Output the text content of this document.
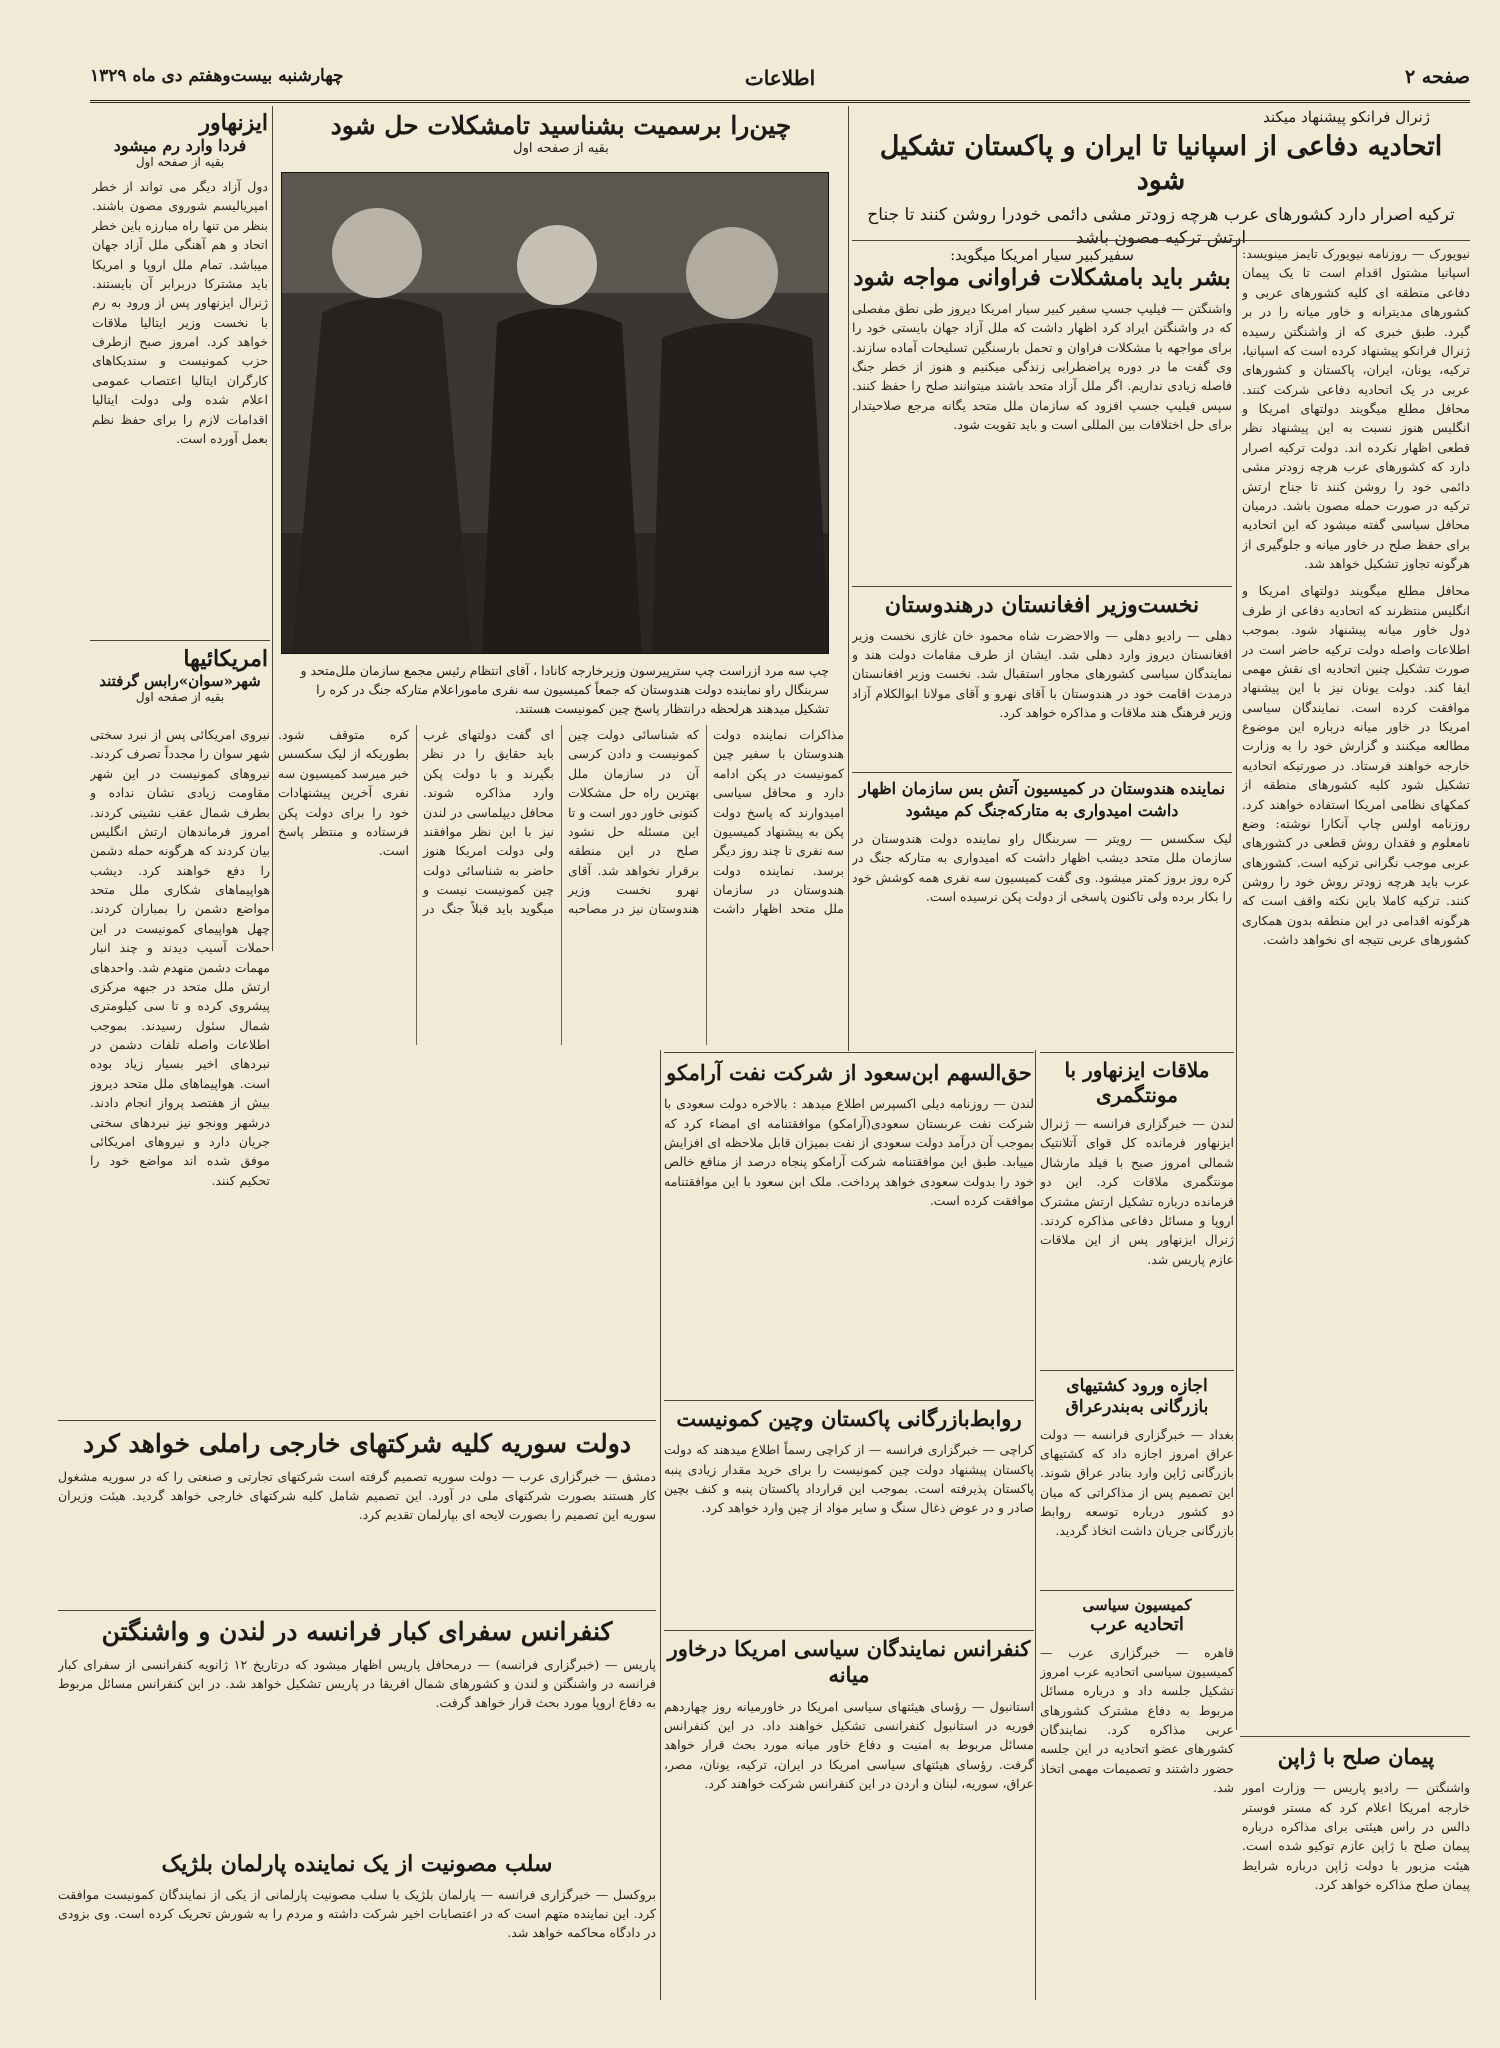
چهارشنبه بیست‌وهفتم دی ماه ۱۳۲۹	اطلاعات	صفحه ۲
ژنرال فرانکو پیشنهاد میکند
اتحادیه دفاعی از اسپانیا تا ایران و پاکستان تشکیل شود
ترکیه اصرار دارد کشورهای عرب هرچه زودتر مشی دائمی خودرا روشن کنند تا جناح ارتش ترکیه مصون باشد
نیویورک — روزنامه نیویورک تایمز مینویسد: اسپانیا مشتول اقدام است تا یک پیمان دفاعی منطقه ای کلیه کشورهای عربی و کشورهای مدیترانه و خاور میانه را در بر گیرد. طبق خبری که از واشنگتن رسیده ژنرال فرانکو پیشنهاد کرده است که اسپانیا، ترکیه، یونان، ایران، پاکستان و کشورهای عربی در یک اتحادیه دفاعی شرکت کنند. محافل مطلع میگویند دولتهای امریکا و انگلیس هنوز نسبت به این پیشنهاد نظر قطعی اظهار نکرده اند. دولت ترکیه اصرار دارد که کشورهای عرب هرچه زودتر مشی دائمی خود را روشن کنند تا جناح ارتش ترکیه در صورت حمله مصون باشد. درمیان محافل سیاسی گفته میشود که این اتحادیه برای حفظ صلح در خاور میانه و جلوگیری از هرگونه تجاوز تشکیل خواهد شد.
محافل مطلع میگویند دولتهای امریکا و انگلیس منتظرند که اتحادیه دفاعی از طرف دول خاور میانه پیشنهاد شود. بموجب اطلاعات واصله دولت ترکیه حاضر است در صورت تشکیل چنین اتحادیه ای نقش مهمی ایفا کند. دولت یونان نیز با این پیشنهاد موافقت کرده است. نمایندگان سیاسی امریکا در خاور میانه درباره این موضوع مطالعه میکنند و گزارش خود را به وزارت خارجه خواهند فرستاد. در صورتیکه اتحادیه تشکیل شود کلیه کشورهای منطقه از کمکهای نظامی امریکا استفاده خواهند کرد. روزنامه اولس چاپ آنکارا نوشته: وضع نامعلوم و فقدان روش قطعی در کشورهای عربی موجب نگرانی ترکیه است. کشورهای عرب باید هرچه زودتر روش خود را روشن کنند. ترکیه کاملا باین نکته واقف است که هرگونه اقدامی در این منطقه بدون همکاری کشورهای عربی نتیجه ای نخواهد داشت.
سفیرکبیر سیار امریکا میگوید:
بشر باید بامشکلات فراوانی مواجه شود
واشنگتن — فیلیپ جسپ سفیر کبیر سیار امریکا دیروز طی نطق مفصلی که در واشنگتن ایراد کرد اظهار داشت که ملل آزاد جهان بایستی خود را برای مواجهه با مشکلات فراوان و تحمل بارسنگین تسلیحات آماده سازند. وی گفت ما در دوره پراضطرابی زندگی میکنیم و هنوز از خطر جنگ فاصله زیادی نداریم. اگر ملل آزاد متحد باشند میتوانند صلح را حفظ کنند. سپس فیلیپ جسپ افزود که سازمان ملل متحد یگانه مرجع صلاحیتدار برای حل اختلافات بین المللی است و باید تقویت شود.
نخست‌وزیر افغانستان درهندوستان
دهلی — رادیو دهلی — والاحضرت شاه محمود خان غازی نخست وزیر افغانستان دیروز وارد دهلی شد. ایشان از طرف مقامات دولت هند و نمایندگان سیاسی کشورهای مجاور استقبال شد. نخست وزیر افغانستان درمدت اقامت خود در هندوستان با آقای نهرو و آقای مولانا ابوالکلام آزاد وزیر فرهنگ هند ملاقات و مذاکره خواهد کرد.
نماینده هندوستان در کمیسیون آتش بس سازمان اظهار داشت امیدواری به متارکه‌جنگ کم میشود
لیک سکسس — رویتر — سربنگال راو نماینده دولت هندوستان در سازمان ملل متحد دیشب اظهار داشت که امیدواری به متارکه جنگ در کره روز بروز کمتر میشود. وی گفت کمیسیون سه نفری همه کوشش خود را بکار برده ولی تاکنون پاسخی از دولت پکن نرسیده است.
چین‌را برسمیت بشناسید تامشکلات حل شود
بقیه از صفحه اول
چپ سه مرد ازراست چپ سترپیرسون وزیرخارجه کانادا ، آقای انتظام رئیس مجمع سازمان ملل‌متحد و سربنگال راو نماینده دولت هندوستان که جمعاً کمیسیون سه نفری ماموراعلام متارکه جنگ در کره را تشکیل میدهند هرلحظه درانتظار پاسخ چین کمونیست هستند.
مذاکرات نماینده دولت هندوستان با سفیر چین کمونیست در پکن ادامه دارد و محافل سیاسی امیدوارند که پاسخ دولت پکن به پیشنهاد کمیسیون سه نفری تا چند روز دیگر برسد. نماینده دولت هندوستان در سازمان ملل متحد اظهار داشت که شناسائی دولت چین کمونیست و دادن کرسی آن در سازمان ملل بهترین راه حل مشکلات کنونی خاور دور است و تا این مسئله حل نشود صلح در این منطقه برقرار نخواهد شد. آقای نهرو نخست وزیر هندوستان نیز در مصاحبه ای گفت دولتهای غرب باید حقایق را در نظر بگیرند و با دولت پکن وارد مذاکره شوند. محافل دیپلماسی در لندن نیز با این نظر موافقند ولی دولت امریکا هنوز حاضر به شناسائی دولت چین کمونیست نیست و میگوید باید قبلاً جنگ در کره متوقف شود. بطوریکه از لیک سکسس خبر میرسد کمیسیون سه نفری آخرین پیشنهادات خود را برای دولت پکن فرستاده و منتظر پاسخ است.
ایزنهاور
فردا وارد رم میشود
بقیه از صفحه اول
دول آزاد دیگر می تواند از خطر امپریالیسم شوروی مصون باشند. بنظر من تنها راه مبارزه باین خطر اتحاد و هم آهنگی ملل آزاد جهان میباشد. تمام ملل اروپا و امریکا باید مشترکا دربرابر آن بایستند. ژنرال ایزنهاور پس از ورود به رم با نخست وزیر ایتالیا ملاقات خواهد کرد. امروز صبح ازطرف حزب کمونیست و سندیکاهای کارگران ایتالیا اعتصاب عمومی اعلام شده ولی دولت ایتالیا اقدامات لازم را برای حفظ نظم بعمل آورده است.
امریکائیها
شهر«سوان»رابس گرفتند
بقیه از صفحه اول
نیروی امریکائی پس از نبرد سختی شهر سوان را مجدداً تصرف کردند. نیروهای کمونیست در این شهر مقاومت زیادی نشان نداده و بطرف شمال عقب نشینی کردند. امروز فرماندهان ارتش انگلیس بیان کردند که هرگونه حمله دشمن را دفع خواهند کرد. دیشب هواپیماهای شکاری ملل متحد مواضع دشمن را بمباران کردند. چهل هواپیمای کمونیست در این حملات آسیب دیدند و چند انبار مهمات دشمن منهدم شد. واحدهای ارتش ملل متحد در جبهه مرکزی پیشروی کرده و تا سی کیلومتری شمال سئول رسیدند. بموجب اطلاعات واصله تلفات دشمن در نبردهای اخیر بسیار زیاد بوده است. هواپیماهای ملل متحد دیروز بیش از هفتصد پرواز انجام دادند. درشهر وونجو نیز نبردهای سختی جریان دارد و نیروهای امریکائی موفق شده اند مواضع خود را تحکیم کنند.
دولت سوریه کلیه شرکتهای خارجی راملی خواهد کرد
دمشق — خبرگزاری عرب — دولت سوریه تصمیم گرفته است شرکتهای تجارتی و صنعتی را که در سوریه مشغول کار هستند بصورت شرکتهای ملی در آورد. این تصمیم شامل کلیه شرکتهای خارجی خواهد گردید. هیئت وزیران سوریه این تصمیم را بصورت لایحه ای بپارلمان تقدیم کرد.
کنفرانس سفرای کبار فرانسه در لندن و واشنگتن
پاریس — (خبرگزاری فرانسه) — درمحافل پاریس اظهار میشود که درتاریخ ۱۲ ژانویه کنفرانسی از سفرای کبار فرانسه در واشنگتن و لندن و کشورهای شمال افریقا در پاریس تشکیل خواهد شد. در این کنفرانس مسائل مربوط به دفاع اروپا مورد بحث قرار خواهد گرفت.
سلب مصونیت از یک نماینده پارلمان بلژیک
بروکسل — خبرگزاری فرانسه — پارلمان بلژیک با سلب مصونیت پارلمانی از یکی از نمایندگان کمونیست موافقت کرد. این نماینده متهم است که در اعتصابات اخیر شرکت داشته و مردم را به شورش تحریک کرده است. وی بزودی در دادگاه محاکمه خواهد شد.
حق‌السهم ابن‌سعود از شرکت نفت آرامکو
لندن — روزنامه دیلی اکسپرس اطلاع میدهد : بالاخره دولت سعودی با شرکت نفت عربستان سعودی(آرامکو) موافقتنامه ای امضاء کرد که بموجب آن درآمد دولت سعودی از نفت بمیزان قابل ملاحظه ای افزایش مییابد. طبق این موافقتنامه شرکت آرامکو پنجاه درصد از منافع خالص خود را بدولت سعودی خواهد پرداخت. ملک ابن سعود با این موافقتنامه موافقت کرده است.
روابط‌بازرگانی پاکستان وچین کمونیست
کراچی — خبرگزاری فرانسه — از کراچی رسماً اطلاع میدهند که دولت پاکستان پیشنهاد دولت چین کمونیست را برای خرید مقدار زیادی پنبه پاکستان پذیرفته است. بموجب این قرارداد پاکستان پنبه و کنف بچین صادر و در عوض ذغال سنگ و سایر مواد از چین وارد خواهد کرد.
کنفرانس نمایندگان سیاسی امریکا درخاور میانه
استانبول — رؤسای هیئتهای سیاسی امریکا در خاورمیانه روز چهاردهم فوریه در استانبول کنفرانسی تشکیل خواهند داد. در این کنفرانس مسائل مربوط به امنیت و دفاع خاور میانه مورد بحث قرار خواهد گرفت. رؤسای هیئتهای سیاسی امریکا در ایران، ترکیه، یونان، مصر، عراق، سوریه، لبنان و اردن در این کنفرانس شرکت خواهند کرد.
ملاقات ایزنهاور با مونتگمری
لندن — خبرگزاری فرانسه — ژنرال ایزنهاور فرمانده کل قوای آتلانتیک شمالی امروز صبح با فیلد مارشال مونتگمری ملاقات کرد. این دو فرمانده درباره تشکیل ارتش مشترک اروپا و مسائل دفاعی مذاکره کردند. ژنرال ایزنهاور پس از این ملاقات عازم پاریس شد.
اجازه ورود کشتیهای بازرگانی به‌بندرعراق
بغداد — خبرگزاری فرانسه — دولت عراق امروز اجازه داد که کشتیهای بازرگانی ژاپن وارد بنادر عراق شوند. این تصمیم پس از مذاکراتی که میان دو کشور درباره توسعه روابط بازرگانی جریان داشت اتخاذ گردید.
کمیسیون سیاسی
اتحادیه عرب
قاهره — خبرگزاری عرب — کمیسیون سیاسی اتحادیه عرب امروز تشکیل جلسه داد و درباره مسائل مربوط به دفاع مشترک کشورهای عربی مذاکره کرد. نمایندگان کشورهای عضو اتحادیه در این جلسه حضور داشتند و تصمیمات مهمی اتخاذ شد.
پیمان صلح با ژاپن
واشنگتن — رادیو پاریس — وزارت امور خارجه امریکا اعلام کرد که مستر فوستر دالس در راس هیئتی برای مذاکره درباره پیمان صلح با ژاپن عازم توکیو شده است. هیئت مزبور با دولت ژاپن درباره شرایط پیمان صلح مذاکره خواهد کرد.
